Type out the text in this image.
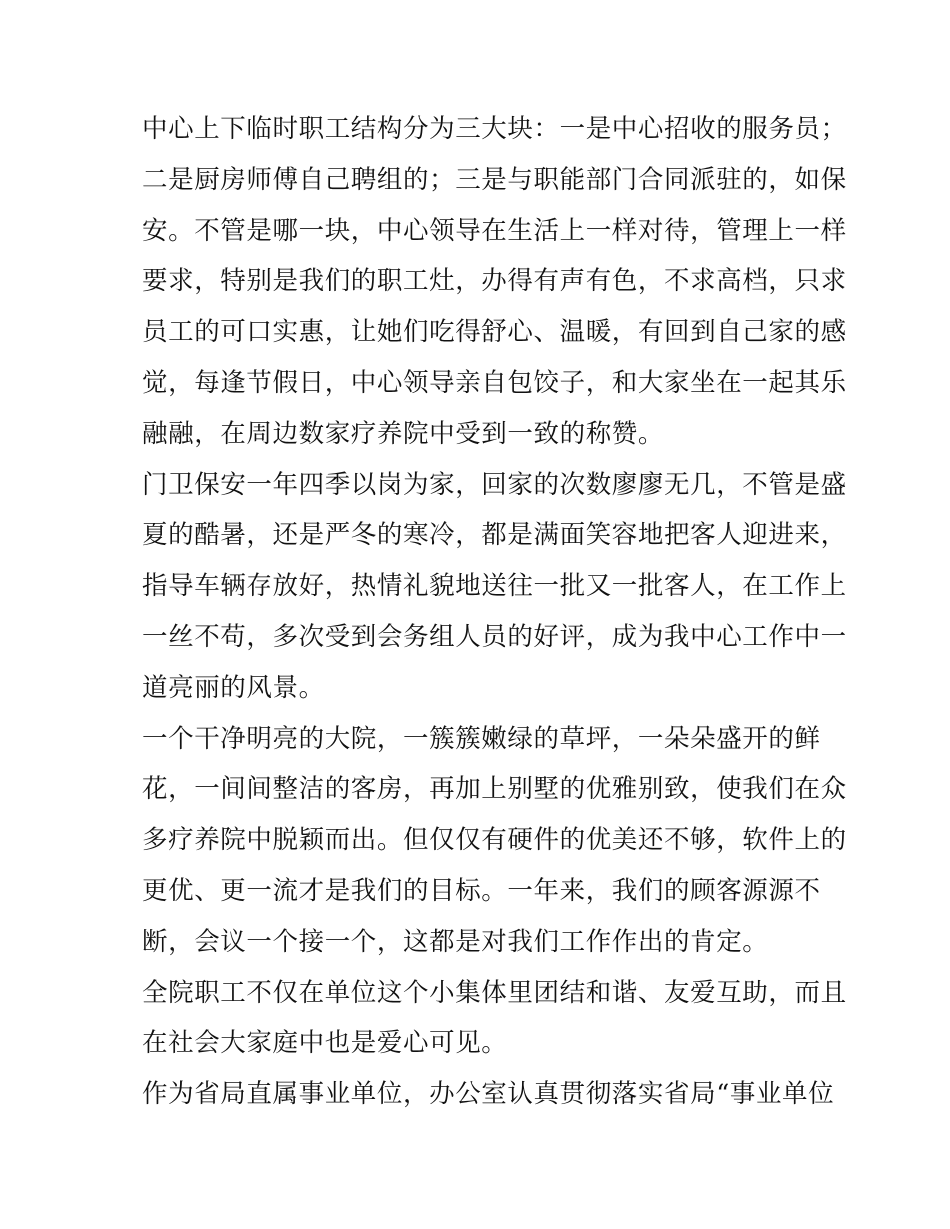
中心上下临时职工结构分为三大块：一是中心招收的服务员；
二是厨房师傅自己聘组的；三是与职能部门合同派驻的，如保
安。不管是哪一块，中心领导在生活上一样对待，管理上一样
要求，特别是我们的职工灶，办得有声有色，不求高档，只求
员工的可口实惠，让她们吃得舒心、温暖，有回到自己家的感
觉，每逢节假日，中心领导亲自包饺子，和大家坐在一起其乐
融融，在周边数家疗养院中受到一致的称赞。
门卫保安一年四季以岗为家，回家的次数廖廖无几，不管是盛
夏的酷暑，还是严冬的寒冷，都是满面笑容地把客人迎进来，
指导车辆存放好，热情礼貌地送往一批又一批客人，在工作上
一丝不苟，多次受到会务组人员的好评，成为我中心工作中一
道亮丽的风景。
一个干净明亮的大院，一簇簇嫩绿的草坪，一朵朵盛开的鲜
花，一间间整洁的客房，再加上别墅的优雅别致，使我们在众
多疗养院中脱颖而出。但仅仅有硬件的优美还不够，软件上的
更优、更一流才是我们的目标。一年来，我们的顾客源源不
断，会议一个接一个，这都是对我们工作作出的肯定。
全院职工不仅在单位这个小集体里团结和谐、友爱互助，而且
在社会大家庭中也是爱心可见。
作为省局直属事业单位，办公室认真贯彻落实省局“事业单位
